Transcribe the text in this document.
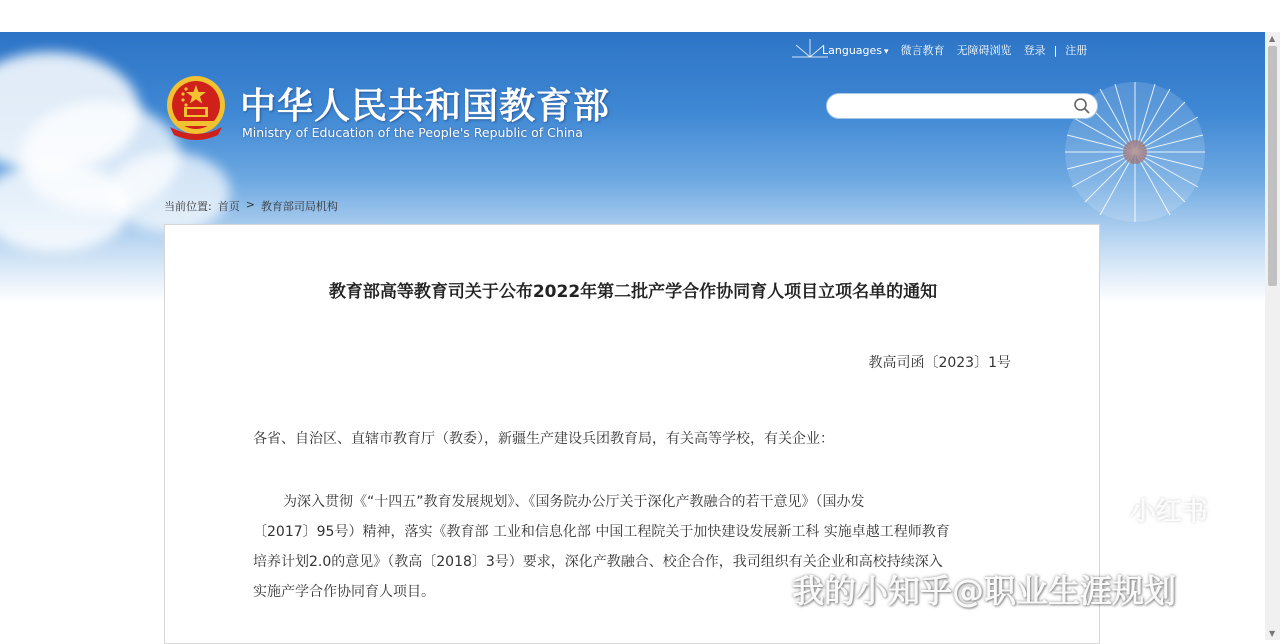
中华人民共和国教育部
Ministry of Education of the People's Republic of China
Languages ▾ 微言教育 无障碍浏览 登录 | 注册
当前位置: 首页 > 教育部司局机构
教育部高等教育司关于公布2022年第二批产学合作协同育人项目立项名单的通知
教高司函〔2023〕1号
各省、自治区、直辖市教育厅（教委），新疆生产建设兵团教育局，有关高等学校，有关企业：
为深入贯彻《“十四五”教育发展规划》、《国务院办公厅关于深化产教融合的若干意见》（国办发
〔2017〕95号）精神，落实《教育部 工业和信息化部 中国工程院关于加快建设发展新工科 实施卓越工程师教育
培养计划2.0的意见》（教高〔2018〕3号）要求，深化产教融合、校企合作，我司组织有关企业和高校持续深入
实施产学合作协同育人项目。
▲
▼
小红书
我的小知乎@职业生涯规划
